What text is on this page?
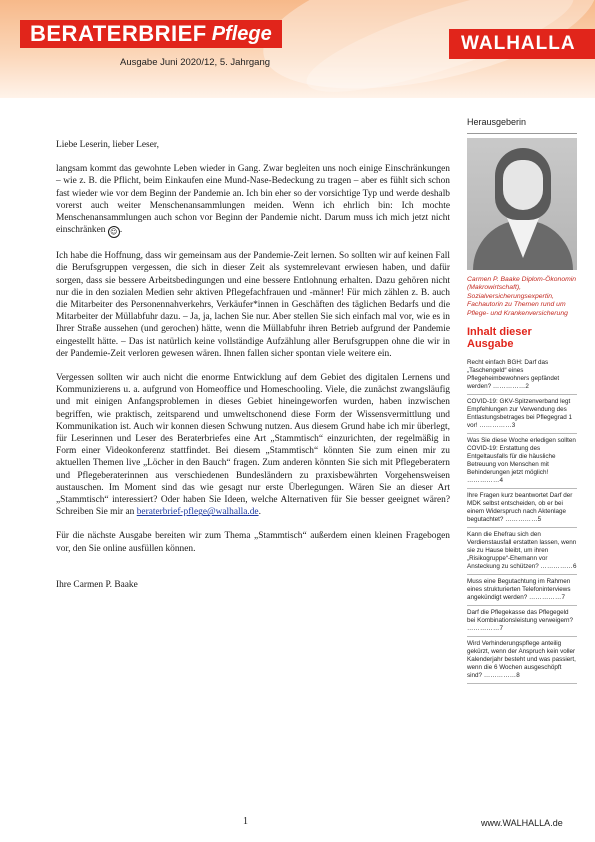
BERATERBRIEF Pflege
Ausgabe Juni 2020/12, 5. Jahrgang
WALHALLA

Liebe Leserin, lieber Leser,

langsam kommt das gewohnte Leben wieder in Gang. Zwar begleiten uns noch einige Einschränkungen – wie z. B. die Pflicht, beim Einkaufen eine Mund-Nase-Bedeckung zu tragen – aber es fühlt sich schon fast wieder wie vor dem Beginn der Pandemie an. Ich bin eher so der vorsichtige Typ und werde deshalb vorerst auch weiter Menschenansammlungen meiden. Wenn ich ehrlich bin: Ich mochte Menschenansammlungen auch schon vor Beginn der Pandemie nicht. Darum muss ich mich jetzt nicht einschränken ☺ .

Ich habe die Hoffnung, dass wir gemeinsam aus der Pandemie-Zeit lernen. So sollten wir auf keinen Fall die Berufsgruppen vergessen, die sich in dieser Zeit als systemrelevant erwiesen haben, und dafür sorgen, dass sie bessere Arbeitsbedingungen und eine bessere Entlohnung erhalten. Dazu gehören nicht nur die in den sozialen Medien sehr aktiven Pflegefachfrauen und -männer! Für mich zählen z. B. auch die Mitarbeiter des Personennahverkehrs, Verkäufer*innen in Geschäften des täglichen Bedarfs und die Mitarbeiter der Müllabfuhr dazu. – Ja, ja, lachen Sie nur. Aber stellen Sie sich einfach mal vor, wie es in Ihrer Straße aussehen (und gerochen) hätte, wenn die Müllabfuhr ihren Betrieb aufgrund der Pandemie eingestellt hätte. – Das ist natürlich keine vollständige Aufzählung aller Berufsgruppen ohne die wir in der Pandemie-Zeit verloren gewesen wären. Ihnen fallen sicher spontan viele weitere ein.

Vergessen sollten wir auch nicht die enorme Entwicklung auf dem Gebiet des digitalen Lernens und Kommunizierens u. a. aufgrund von Homeoffice und Homeschooling. Viele, die zunächst zwangsläufig und mit einigen Anfangsproblemen in dieses Gebiet hineingeworfen wurden, haben inzwischen begriffen, wie praktisch, zeitsparend und umweltschonend diese Form der Wissensvermittlung und Kommunikation ist. Auch wir konnen diesen Schwung nutzen. Aus diesem Grund habe ich mir überlegt, für Leserinnen und Leser des Beraterbriefes eine Art „Stammtisch“ einzurichten, der regelmäßig in Form einer Videokonferenz stattfindet. Bei diesem „Stammtisch“ könnten Sie zum einen mir zu aktuellen Themen live „Löcher in den Bauch“ fragen. Zum anderen könnten Sie sich mit Pflegeberatern und Pflegeberaterinnen aus verschiedenen Bundesländern zu praxisbewährten Vorgehensweisen austauschen. Im Moment sind das wie gesagt nur erste Überlegungen. Wären Sie an dieser Art „Stammtisch“ interessiert? Oder haben Sie Ideen, welche Alternativen für Sie besser geeignet wären? Schreiben Sie mir an beraterbrief-pflege@walhalla.de.

Für die nächste Ausgabe bereiten wir zum Thema „Stammtisch“ außerdem einen kleinen Fragebogen vor, den Sie online ausfüllen können.

Ihre Carmen P. Baake

Herausgeberin
Carmen P. Baake Diplom-Ökonomin (Makrowirtschaft), Sozialversicherungsexpertin, Fachautorin zu Themen rund um Pflege- und Krankenversicherung
Inhalt dieser Ausgabe
Recht einfach BGH: Darf das „Taschengeld“ eines Pflegeheimbewohners gepfändet werden? ……………2
COVID-19: GKV-Spitzenverband legt Empfehlungen zur Verwendung des Entlastungsbetrages bei Pflegegrad 1 vor! ……………3
Was Sie diese Woche erledigen sollten COVID-19: Erstattung des Entgeltausfalls für die häusliche Betreuung von Menschen mit Behinderungen jetzt möglich! ……………4
Ihre Fragen kurz beantwortet Darf der MDK selbst entscheiden, ob er bei einem Widerspruch nach Aktenlage begutachtet? ……………5
Kann die Ehefrau sich den Verdienstausfall erstatten lassen, wenn sie zu Hause bleibt, um ihren „Risikogruppe“-Ehemann vor Ansteckung zu schützen? ……………6
Muss eine Begutachtung im Rahmen eines strukturierten Telefoninterviews angekündigt werden? ……………7
Darf die Pflegekasse das Pflegegeld bei Kombinationsleistung verweigern? ……………7
Wird Verhinderungspflege anteilig gekürzt, wenn der Anspruch kein voller Kalenderjahr besteht und was passiert, wenn die 6 Wochen ausgeschöpft sind? ……………8
1	www.WALHALLA.de
